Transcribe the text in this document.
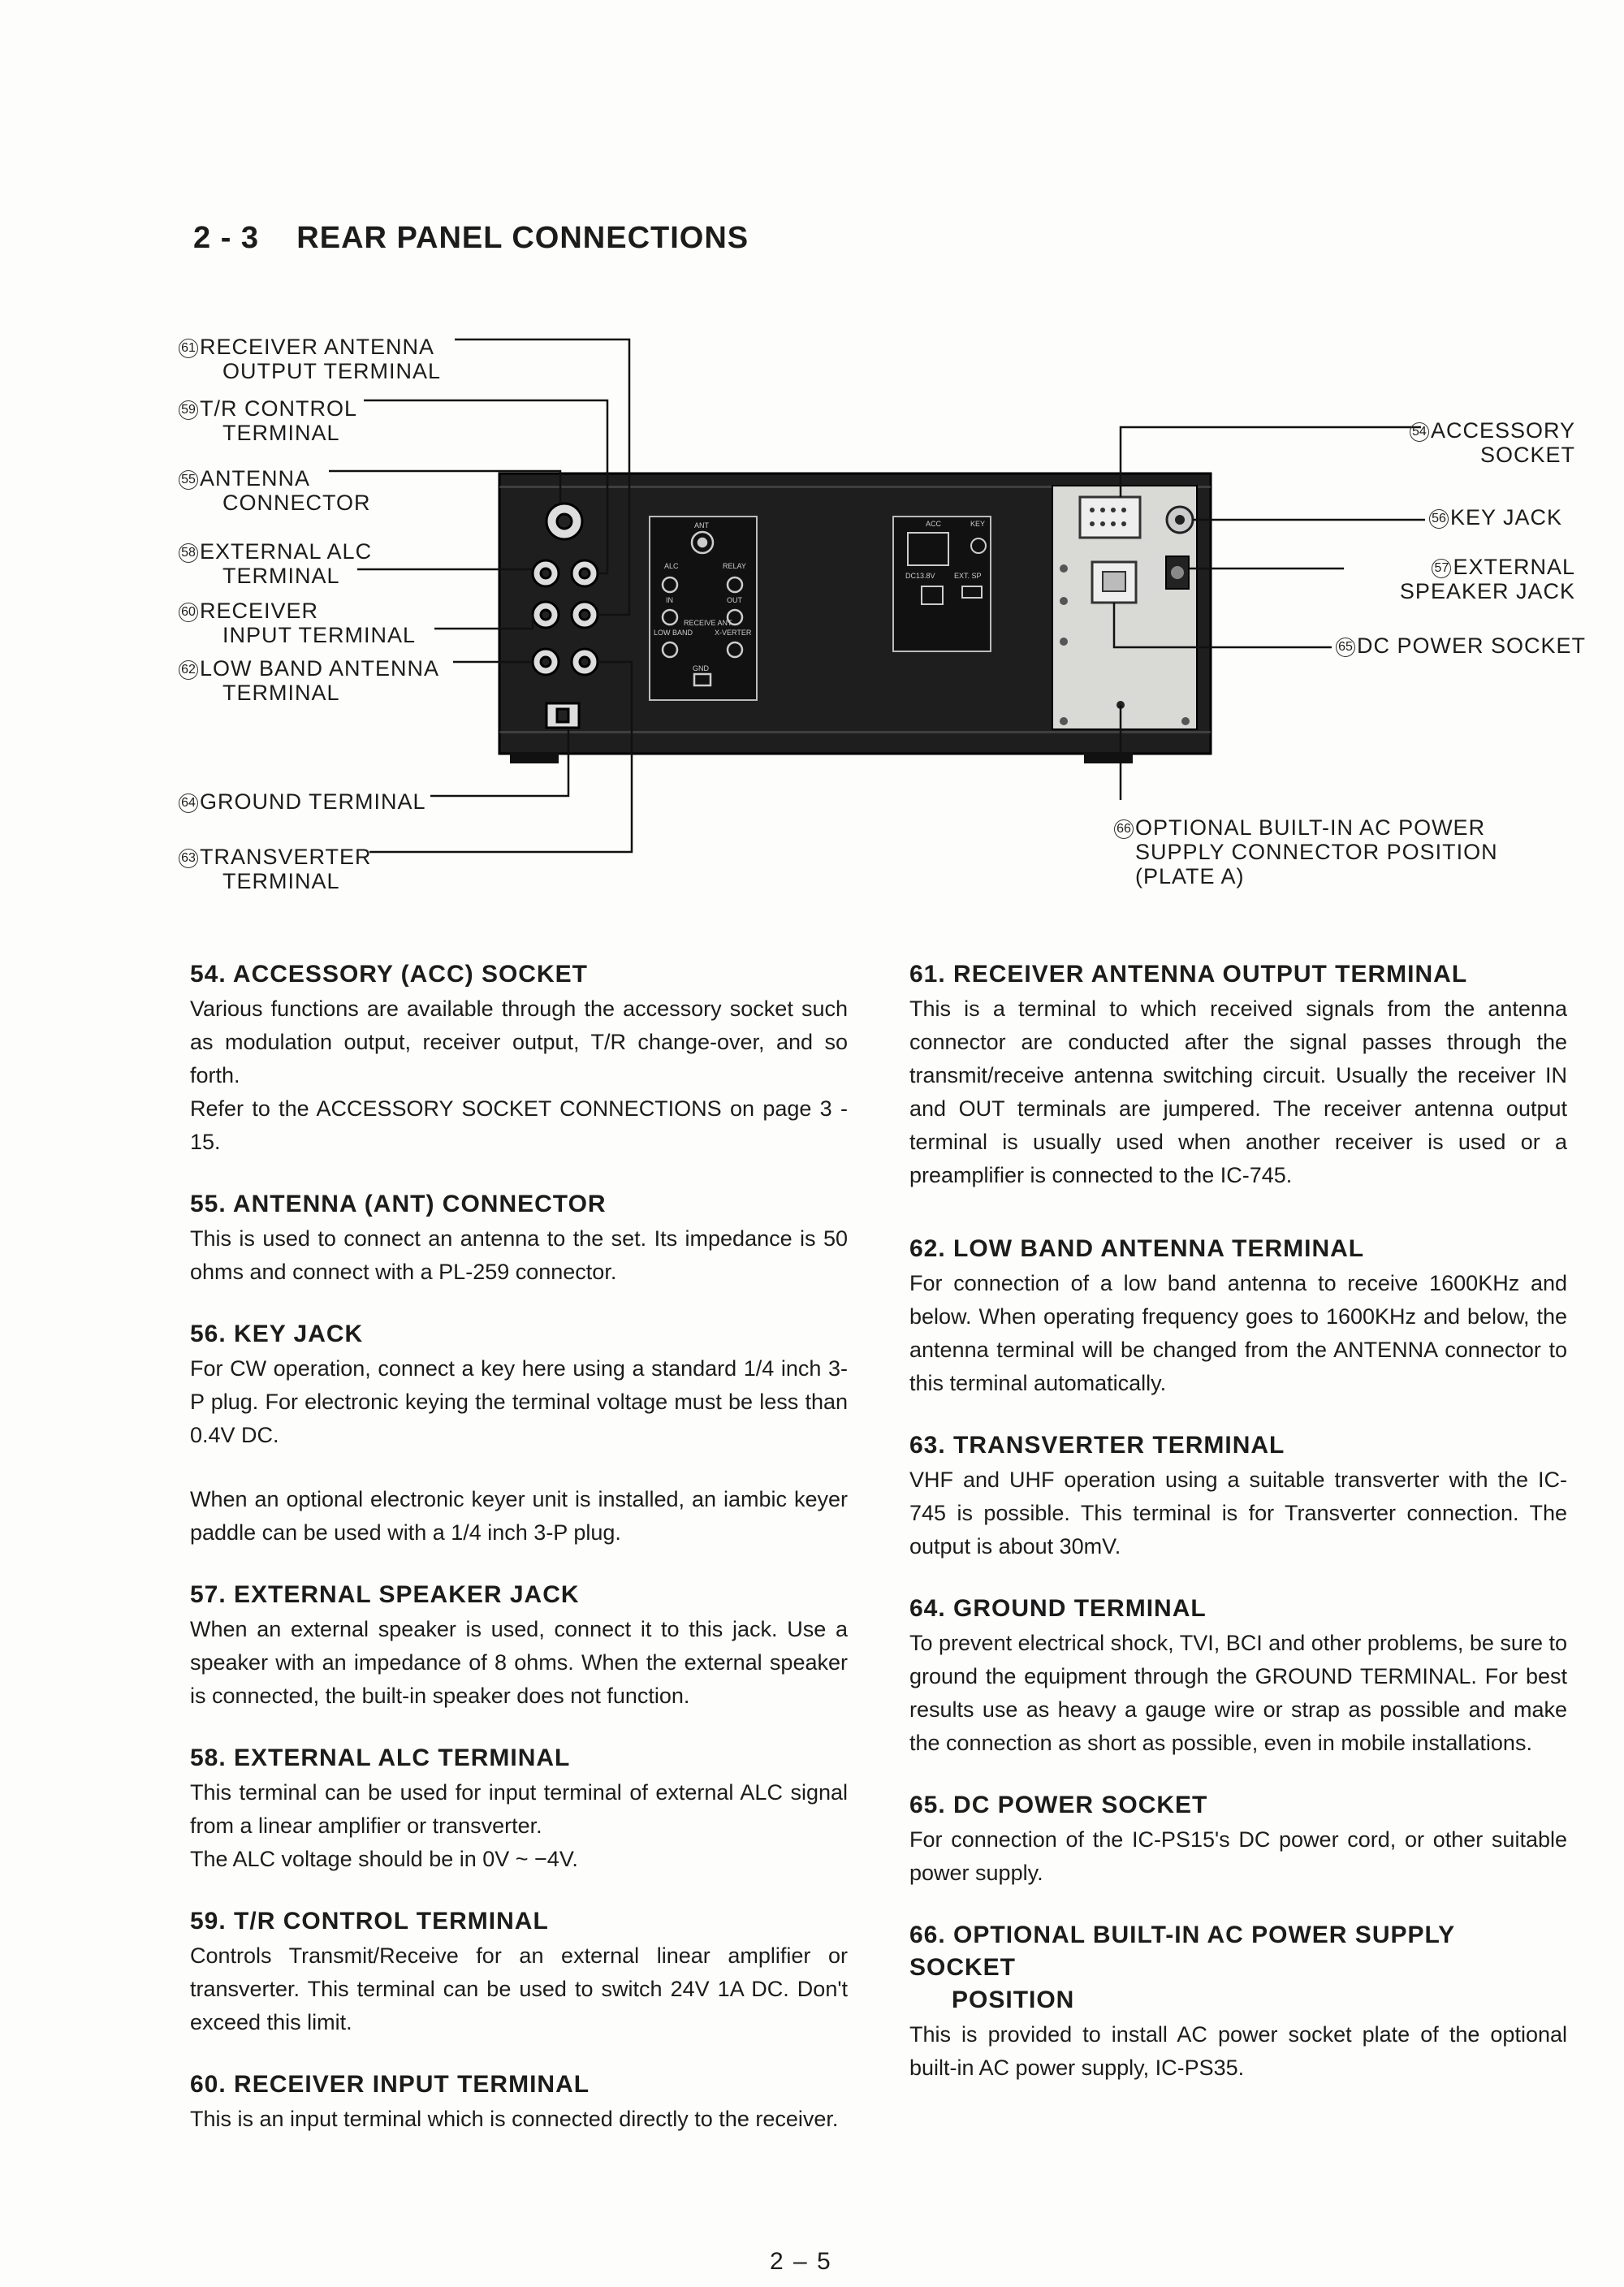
2 - 3 REAR PANEL CONNECTIONS
ANT
ALC	RELAY
IN	OUT
RECEIVE ANT
LOW BAND	X-VERTER
GND
ACC	KEY
DC13.8V	EXT. SP
61 RECEIVER ANTENNA
OUTPUT TERMINAL
59 T/R CONTROL
TERMINAL
55 ANTENNA
CONNECTOR
58 EXTERNAL ALC
TERMINAL
60 RECEIVER
INPUT TERMINAL
62 LOW BAND ANTENNA
TERMINAL
64 GROUND TERMINAL
63 TRANSVERTER
TERMINAL
54 ACCESSORY
SOCKET
56 KEY JACK
57 EXTERNAL
SPEAKER JACK
65 DC POWER SOCKET
66 OPTIONAL BUILT-IN AC POWER
SUPPLY CONNECTOR POSITION
(PLATE A)
54. ACCESSORY (ACC) SOCKET

Various functions are available through the accessory socket such as modulation output, receiver output, T/R change-over, and so forth.

Refer to the ACCESSORY SOCKET CONNECTIONS on page 3 - 15.

55. ANTENNA (ANT) CONNECTOR

This is used to connect an antenna to the set. Its impedance is 50 ohms and connect with a PL-259 connector.

56. KEY JACK

For CW operation, connect a key here using a standard 1/4 inch 3-P plug. For electronic keying the terminal voltage must be less than 0.4V DC.

When an optional electronic keyer unit is installed, an iambic keyer paddle can be used with a 1/4 inch 3-P plug.

57. EXTERNAL SPEAKER JACK

When an external speaker is used, connect it to this jack. Use a speaker with an impedance of 8 ohms. When the external speaker is connected, the built-in speaker does not function.

58. EXTERNAL ALC TERMINAL

This terminal can be used for input terminal of external ALC signal from a linear amplifier or transverter.

The ALC voltage should be in 0V ~ −4V.

59. T/R CONTROL TERMINAL

Controls Transmit/Receive for an external linear amplifier or transverter. This terminal can be used to switch 24V 1A DC. Don't exceed this limit.

60. RECEIVER INPUT TERMINAL

This is an input terminal which is connected directly to the receiver.

61. RECEIVER ANTENNA OUTPUT TERMINAL

This is a terminal to which received signals from the antenna connector are conducted after the signal passes through the transmit/receive antenna switching circuit. Usually the receiver IN and OUT terminals are jumpered. The receiver antenna output terminal is usually used when another receiver is used or a preamplifier is connected to the IC-745.

62. LOW BAND ANTENNA TERMINAL

For connection of a low band antenna to receive 1600KHz and below. When operating frequency goes to 1600KHz and below, the antenna terminal will be changed from the ANTENNA connector to this terminal automatically.

63. TRANSVERTER TERMINAL

VHF and UHF operation using a suitable transverter with the IC-745 is possible. This terminal is for Transverter connection. The output is about 30mV.

64. GROUND TERMINAL

To prevent electrical shock, TVI, BCI and other problems, be sure to ground the equipment through the GROUND TERMINAL. For best results use as heavy a gauge wire or strap as possible and make the connection as short as possible, even in mobile installations.

65. DC POWER SOCKET

For connection of the IC-PS15's DC power cord, or other suitable power supply.

66. OPTIONAL BUILT-IN AC POWER SUPPLY SOCKET
POSITION

This is provided to install AC power socket plate of the optional built-in AC power supply, IC-PS35.

2 – 5
